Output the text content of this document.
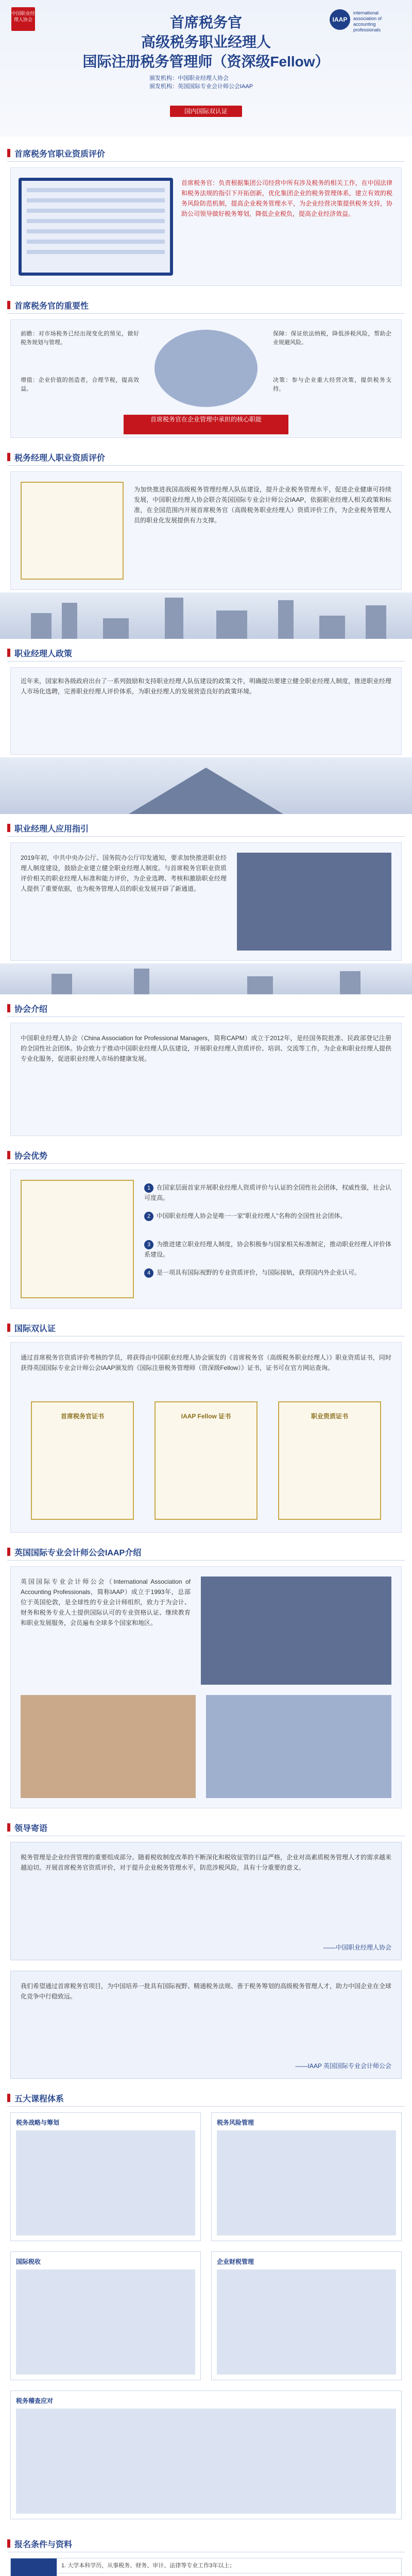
中国职业经理人协会	IAAP
international association of accounting professionals
首席税务官
高级税务职业经理人
国际注册税务管理师（资深级Fellow）
颁发机构：中国职业经理人协会
颁发机构：英国国际专业会计师公会IAAP
国内国际双认证
首席税务官职业资质评价
首席税务官：负责根据集团公司经营中所有涉及税务的相关工作，在中国法律和税务法规的指引下开拓创新，优化集团企业的税务管理体系，建立有效的税务风险防范机制，提高企业税务管理水平，为企业经营决策提供税务支持，协助公司领导做好税务筹划，降低企业税负，提高企业经济效益。
首席税务官的重要性
前瞻：对市场税务已经出现变化的预见，做好税务规划与管理。
保障：保证依法纳税，降低涉税风险，帮助企业规避风险。
增值：企业价值的创造者，合理节税，提高效益。
决策：参与企业重大经营决策，提供税务支持。
首席税务官在企业管理中承担的核心职能
税务经理人职业资质评价
为加快推进我国高级税务管理经理人队伍建设，提升企业税务管理水平，促进企业健康可持续发展，中国职业经理人协会联合英国国际专业会计师公会IAAP，依据职业经理人相关政策和标准，在全国范围内开展首席税务官（高级税务职业经理人）资质评价工作，为企业税务管理人员的职业化发展提供有力支撑。
职业经理人政策
近年来，国家和各级政府出台了一系列鼓励和支持职业经理人队伍建设的政策文件，明确提出要建立健全职业经理人制度，推进职业经理人市场化选聘，完善职业经理人评价体系，为职业经理人的发展营造良好的政策环境。
职业经理人应用指引
2019年初，中共中央办公厅、国务院办公厅印发通知，要求加快推进职业经理人制度建设，鼓励企业建立健全职业经理人制度。与首席税务官职业资质评价相关的职业经理人标准和能力评价，为企业选聘、考核和激励职业经理人提供了重要依据，也为税务管理人员的职业发展开辟了新通道。
协会介绍
中国职业经理人协会（China Association for Professional Managers，简称CAPM）成立于2012年，是经国务院批准、民政部登记注册的全国性社会团体。协会致力于推动中国职业经理人队伍建设，开展职业经理人资质评价、培训、交流等工作，为企业和职业经理人提供专业化服务，促进职业经理人市场的健康发展。
协会优势
1 在国家层面首家开展职业经理人资质评价与认证的全国性社会团体，权威性强，社会认可度高。
2 中国职业经理人协会是唯一一家"职业经理人"名称的全国性社会团体。
3 为推进建立职业经理人制度，协会积极参与国家相关标准制定，推动职业经理人评价体系建设。
4 是一项具有国际视野的专业资质评价，与国际接轨，获得国内外企业认可。
国际双认证
通过首席税务官资质评价考核的学员，将获得由中国职业经理人协会颁发的《首席税务官（高级税务职业经理人）》职业资质证书，同时获得英国国际专业会计师公会IAAP颁发的《国际注册税务管理师（资深级Fellow）》证书，证书可在官方网站查询。
首席税务官证书	IAAP Fellow 证书	职业资质证书
英国国际专业会计师公会IAAP介绍
英国国际专业会计师公会（International Association of Accounting Professionals，简称IAAP）成立于1993年，总部位于英国伦敦，是全球性的专业会计师组织，致力于为会计、财务和税务专业人士提供国际认可的专业资格认证、继续教育和职业发展服务，会员遍布全球多个国家和地区。
领导寄语
税务管理是企业经营管理的重要组成部分。随着税收制度改革的不断深化和税收征管的日益严格，企业对高素质税务管理人才的需求越来越迫切。开展首席税务官资质评价，对于提升企业税务管理水平，防范涉税风险，具有十分重要的意义。
——中国职业经理人协会
我们希望通过首席税务官项目，为中国培养一批具有国际视野、精通税务法规、善于税务筹划的高级税务管理人才，助力中国企业在全球化竞争中行稳致远。
——IAAP 英国国际专业会计师公会
五大课程体系
税务战略与筹划	税务风险管理
国际税收	企业财税管理
税务稽查应对
报名条件与资料
	1. 大学本科学历，从事税务、财务、审计、法律等专业工作3年以上；
